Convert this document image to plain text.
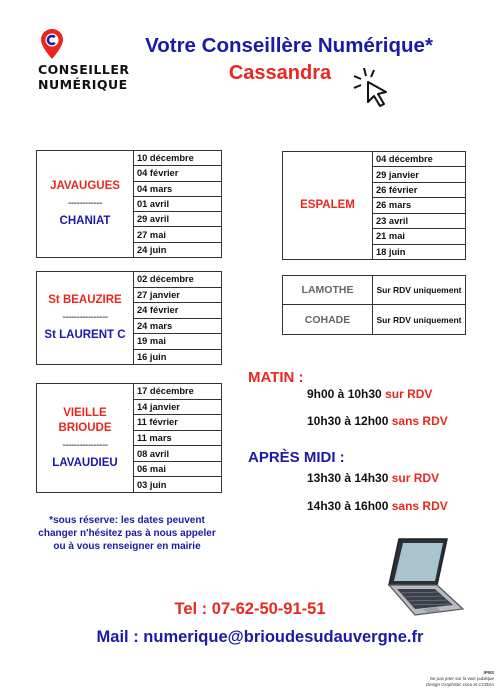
CONSEILLER
NUMÉRIQUE
Votre Conseillère Numérique*
Cassandra
JAVAUGUES
------------
CHANIAT
10 décembre
04 février
04 mars
01 avril
29 avril
27 mai
24 juin
St BEAUZIRE
----------------
St LAURENT C
02 décembre
27 janvier
24 février
24 mars
19 mai
16 juin
VIEILLE BRIOUDE
----------------
LAVAUDIEU
17 décembre
14 janvier
11 février
11 mars
08 avril
06 mai
03 juin
ESPALEM
04 décembre
29 janvier
26 février
26 mars
23 avril
21 mai
18 juin
LAMOTHE	Sur RDV uniquement
COHADE	Sur RDV uniquement
MATIN :
9h00 à 10h30 sur RDV
10h30 à 12h00 sans RDV
APRÈS MIDI :
13h30 à 14h30 sur RDV
14h30 à 16h00 sans RDV
*sous réserve: les dates peuvent changer n'hésitez pas à nous appeler ou à vous renseigner en mairie
Tel : 07-62-50-91-51
Mail : numerique@brioudesudauvergne.fr
IPNS
Ne pas jeter sur la voie publique
Design Graphistic coco et CCBSA
